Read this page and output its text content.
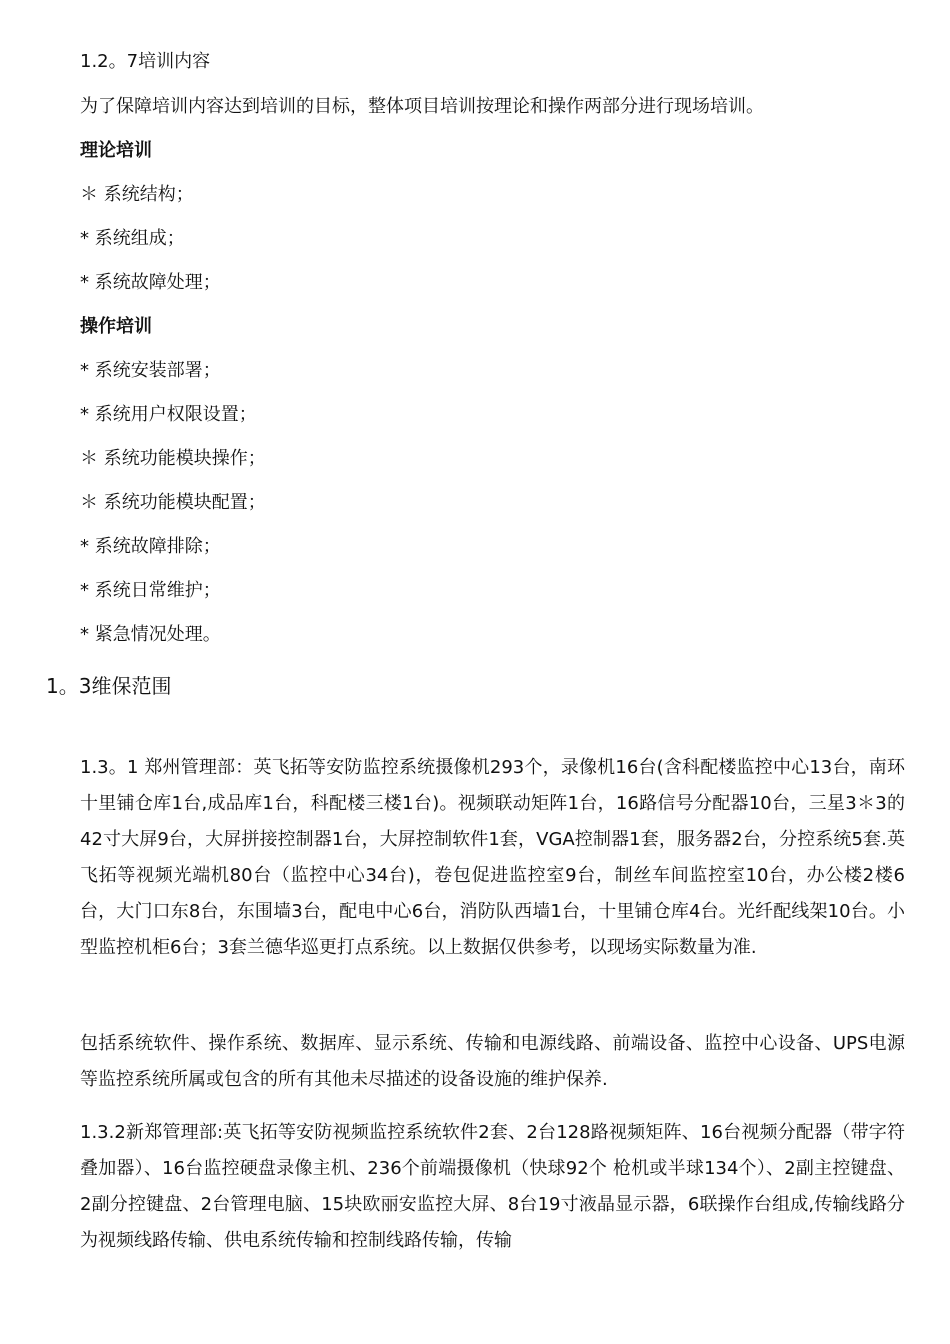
1.2。7培训内容
为了保障培训内容达到培训的目标，整体项目培训按理论和操作两部分进行现场培训。
理论培训
＊ 系统结构；
* 系统组成；
* 系统故障处理；
操作培训
* 系统安装部署；
* 系统用户权限设置；
＊ 系统功能模块操作；
＊ 系统功能模块配置；
* 系统故障排除；
* 系统日常维护；
* 紧急情况处理。
1。3维保范围
1.3。1 郑州管理部：英飞拓等安防监控系统摄像机293个，录像机16台(含科配楼监控中心13台，南环十里铺仓库1台,成品库1台，科配楼三楼1台)。视频联动矩阵1台，16路信号分配器10台，三星3＊3的42寸大屏9台，大屏拼接控制器1台，大屏控制软件1套，VGA控制器1套，服务器2台，分控系统5套.英飞拓等视频光端机80台（监控中心34台)，卷包促进监控室9台，制丝车间监控室10台，办公楼2楼6台，大门口东8台，东围墙3台，配电中心6台，消防队西墙1台，十里铺仓库4台。光纤配线架10台。小型监控机柜6台；3套兰德华巡更打点系统。以上数据仅供参考，以现场实际数量为准.
包括系统软件、操作系统、数据库、显示系统、传输和电源线路、前端设备、监控中心设备、UPS电源等监控系统所属或包含的所有其他未尽描述的设备设施的维护保养.
1.3.2新郑管理部:英飞拓等安防视频监控系统软件2套、2台128路视频矩阵、16台视频分配器（带字符叠加器）、16台监控硬盘录像主机、236个前端摄像机（快球92个 枪机或半球134个）、2副主控键盘、2副分控键盘、2台管理电脑、15块欧丽安监控大屏、8台19寸液晶显示器，6联操作台组成,传输线路分为视频线路传输、供电系统传输和控制线路传输，传输
